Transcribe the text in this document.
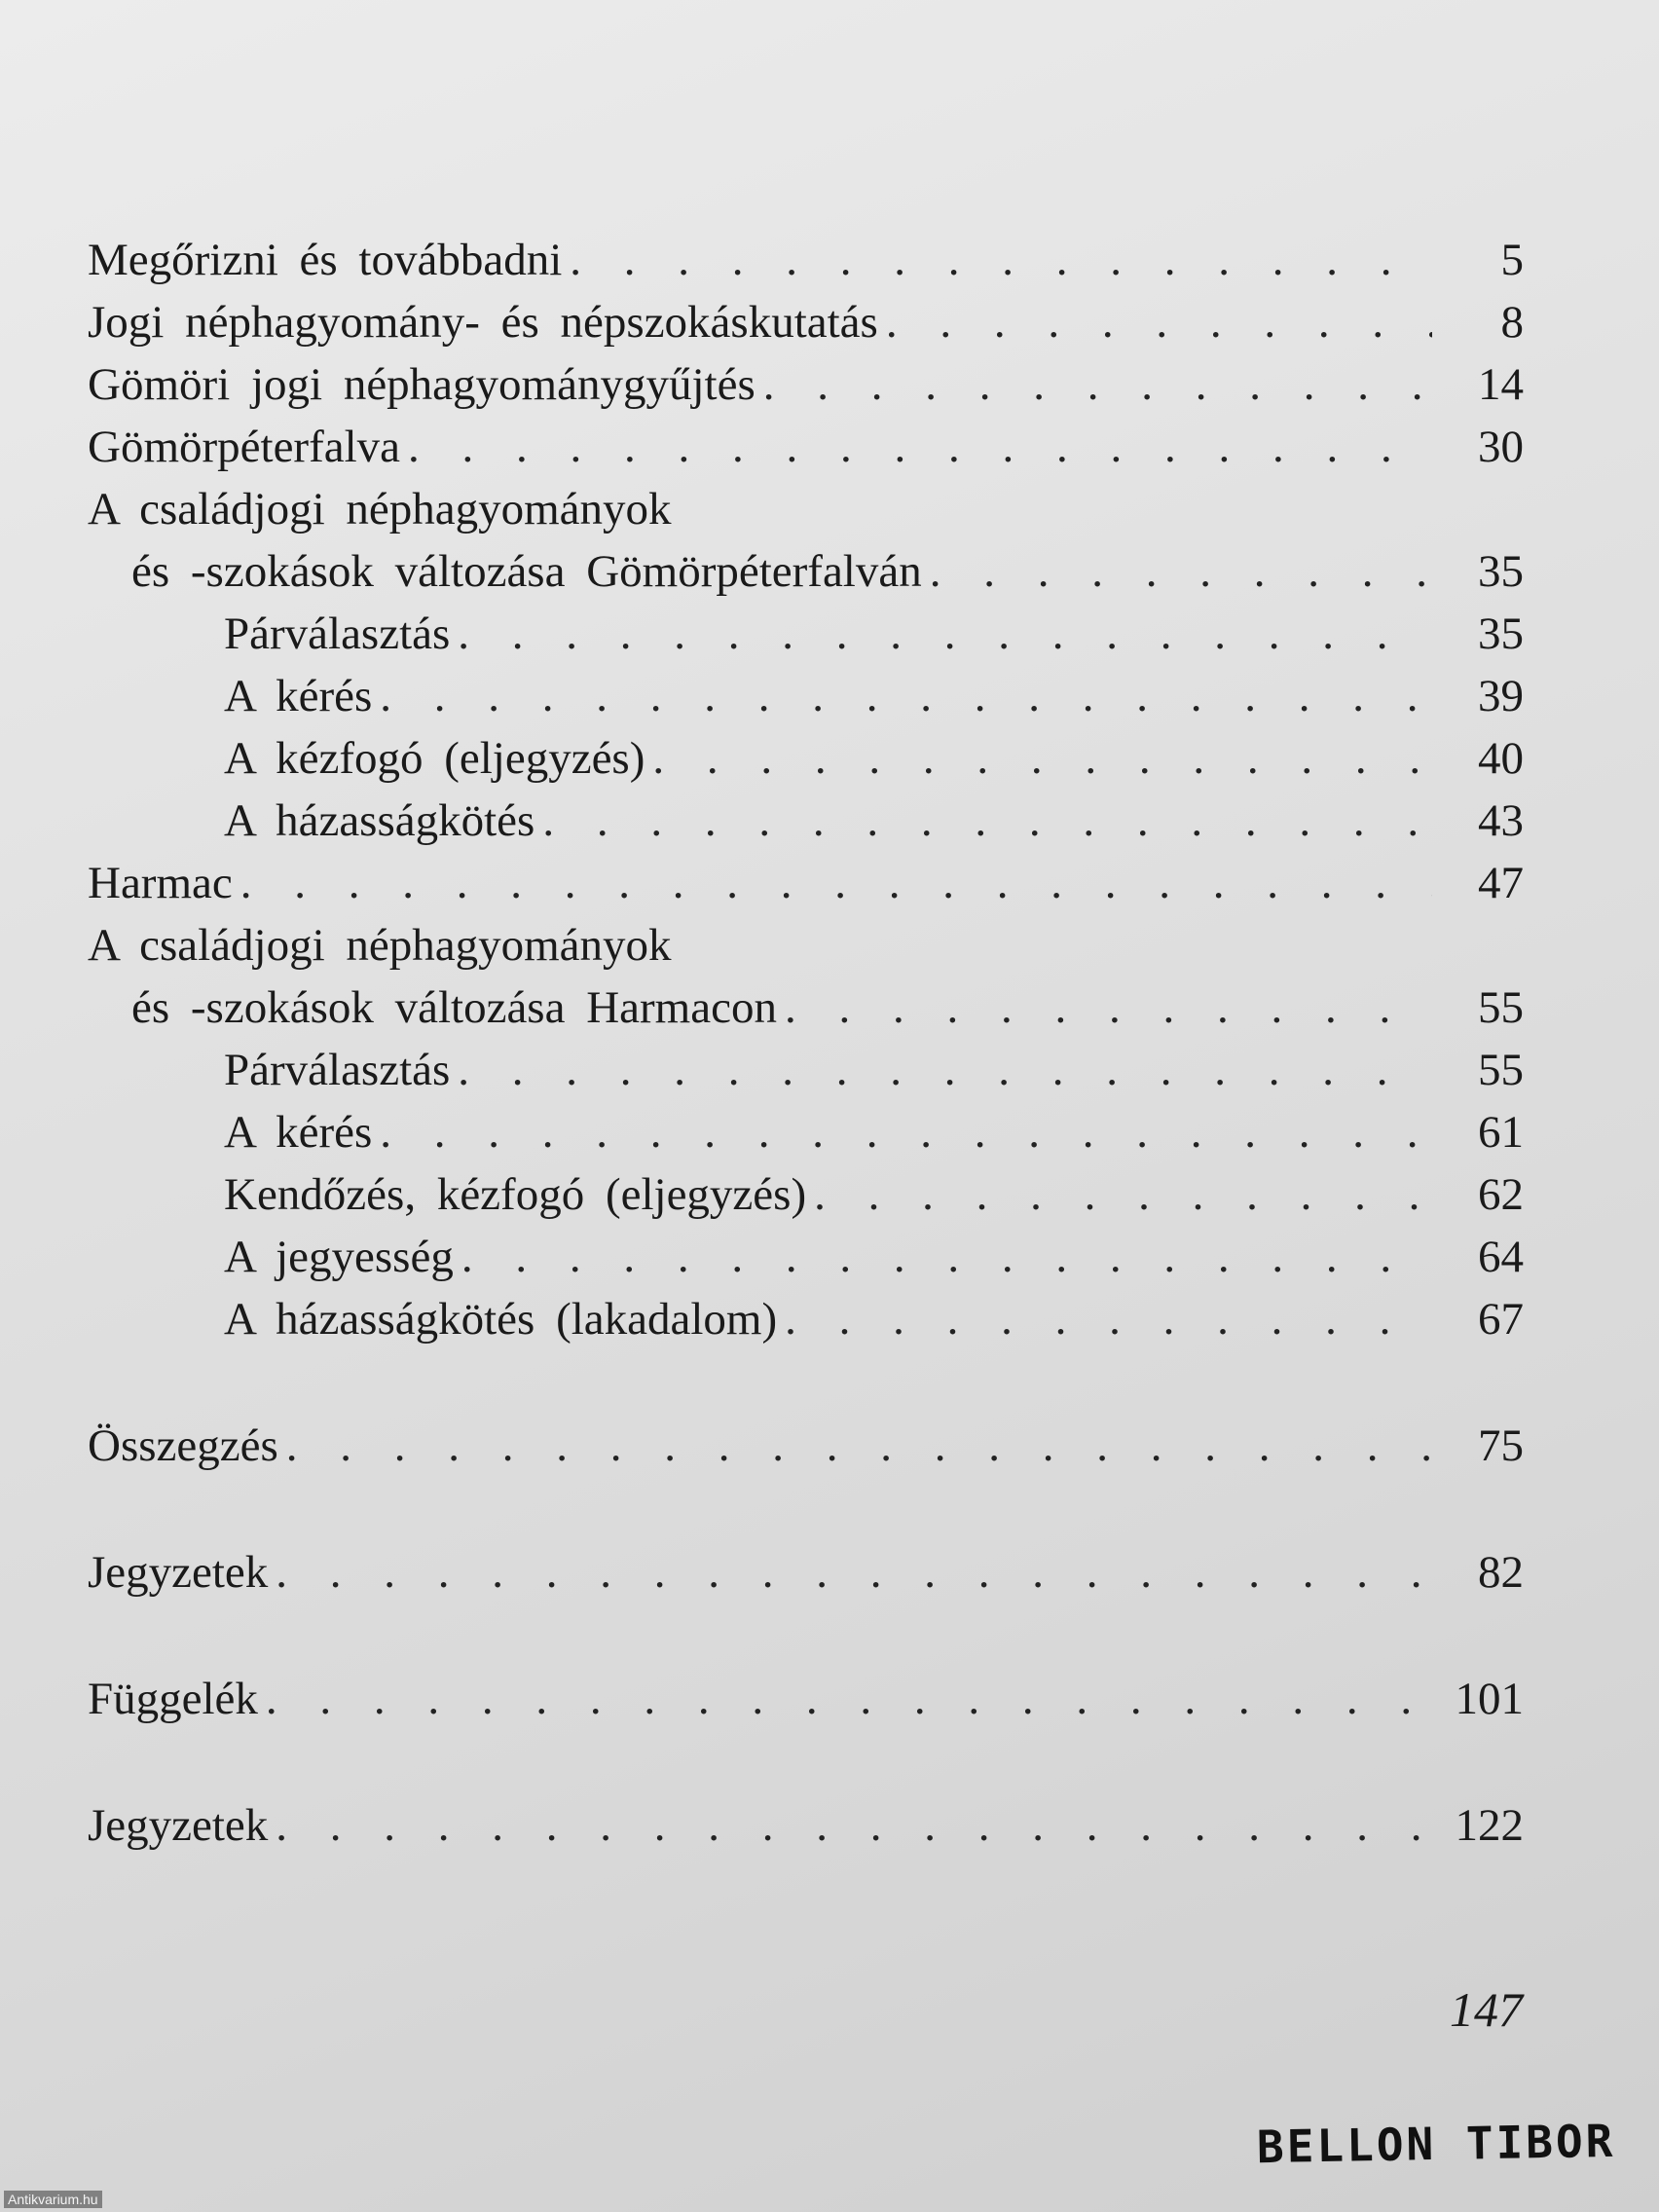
Megőrizni és továbbadni . . .	5
Jogi néphagyomány- és népszokáskutatás . . .	8
Gömöri jogi néphagyománygyűjtés . . .	14
Gömörpéterfalva . . .	30
A családjogi néphagyományok
és -szokások változása Gömörpéterfalván . . .	35
Párválasztás . . .	35
A kérés . . .	39
A kézfogó (eljegyzés) . . .	40
A házasságkötés . . .	43
Harmac . . .	47
A családjogi néphagyományok
és -szokások változása Harmacon . . .	55
Párválasztás . . .	55
A kérés . . .	61
Kendőzés, kézfogó (eljegyzés) . . .	62
A jegyesség . . .	64
A házasságkötés (lakadalom) . . .	67
Összegzés . . .	75
Jegyzetek . . .	82
Függelék . . .	101
Jegyzetek . . .	122
147
BELLON TIBOR
Antikvarium.hu
